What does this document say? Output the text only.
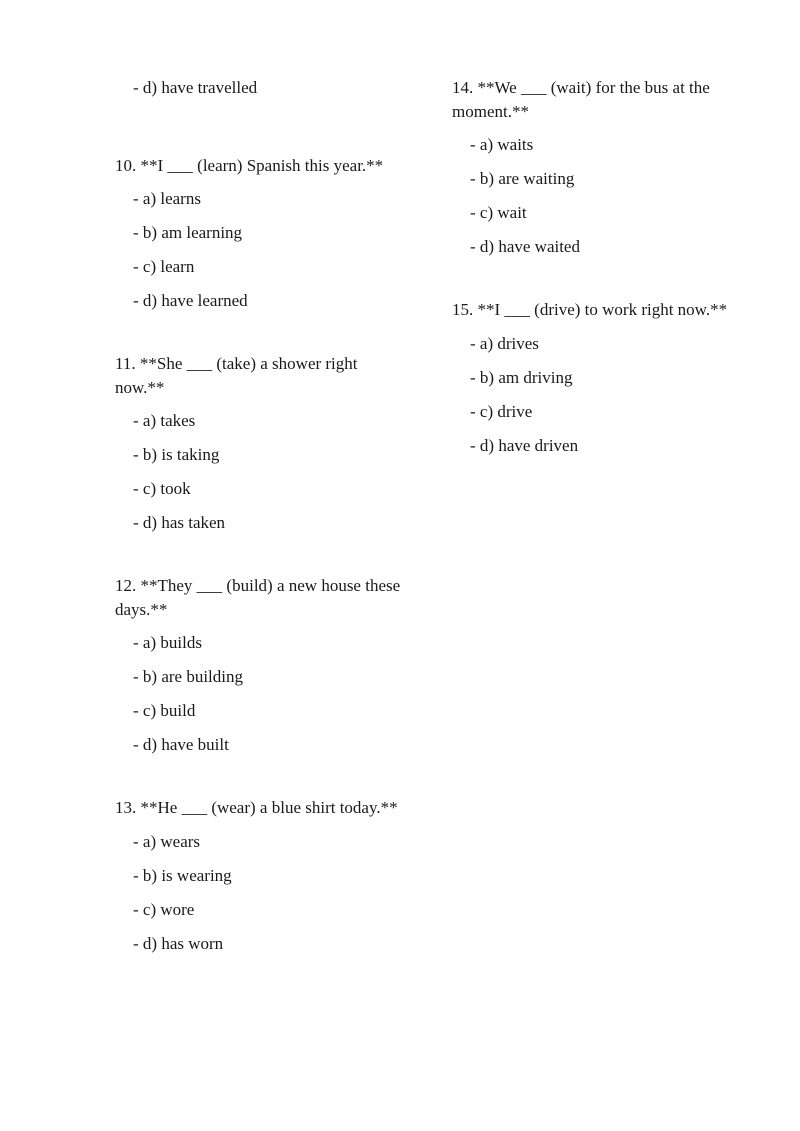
- d) have travelled

10. **I ___ (learn) Spanish this year.**

- a) learns
- b) am learning
- c) learn
- d) have learned

11. **She ___ (take) a shower right now.**

- a) takes
- b) is taking
- c) took
- d) has taken

12. **They ___ (build) a new house these days.**

- a) builds
- b) are building
- c) build
- d) have built

13. **He ___ (wear) a blue shirt today.**

- a) wears
- b) is wearing
- c) wore
- d) has worn

14. **We ___ (wait) for the bus at the moment.**

- a) waits
- b) are waiting
- c) wait
- d) have waited

15. **I ___ (drive) to work right now.**

- a) drives
- b) am driving
- c) drive
- d) have driven
